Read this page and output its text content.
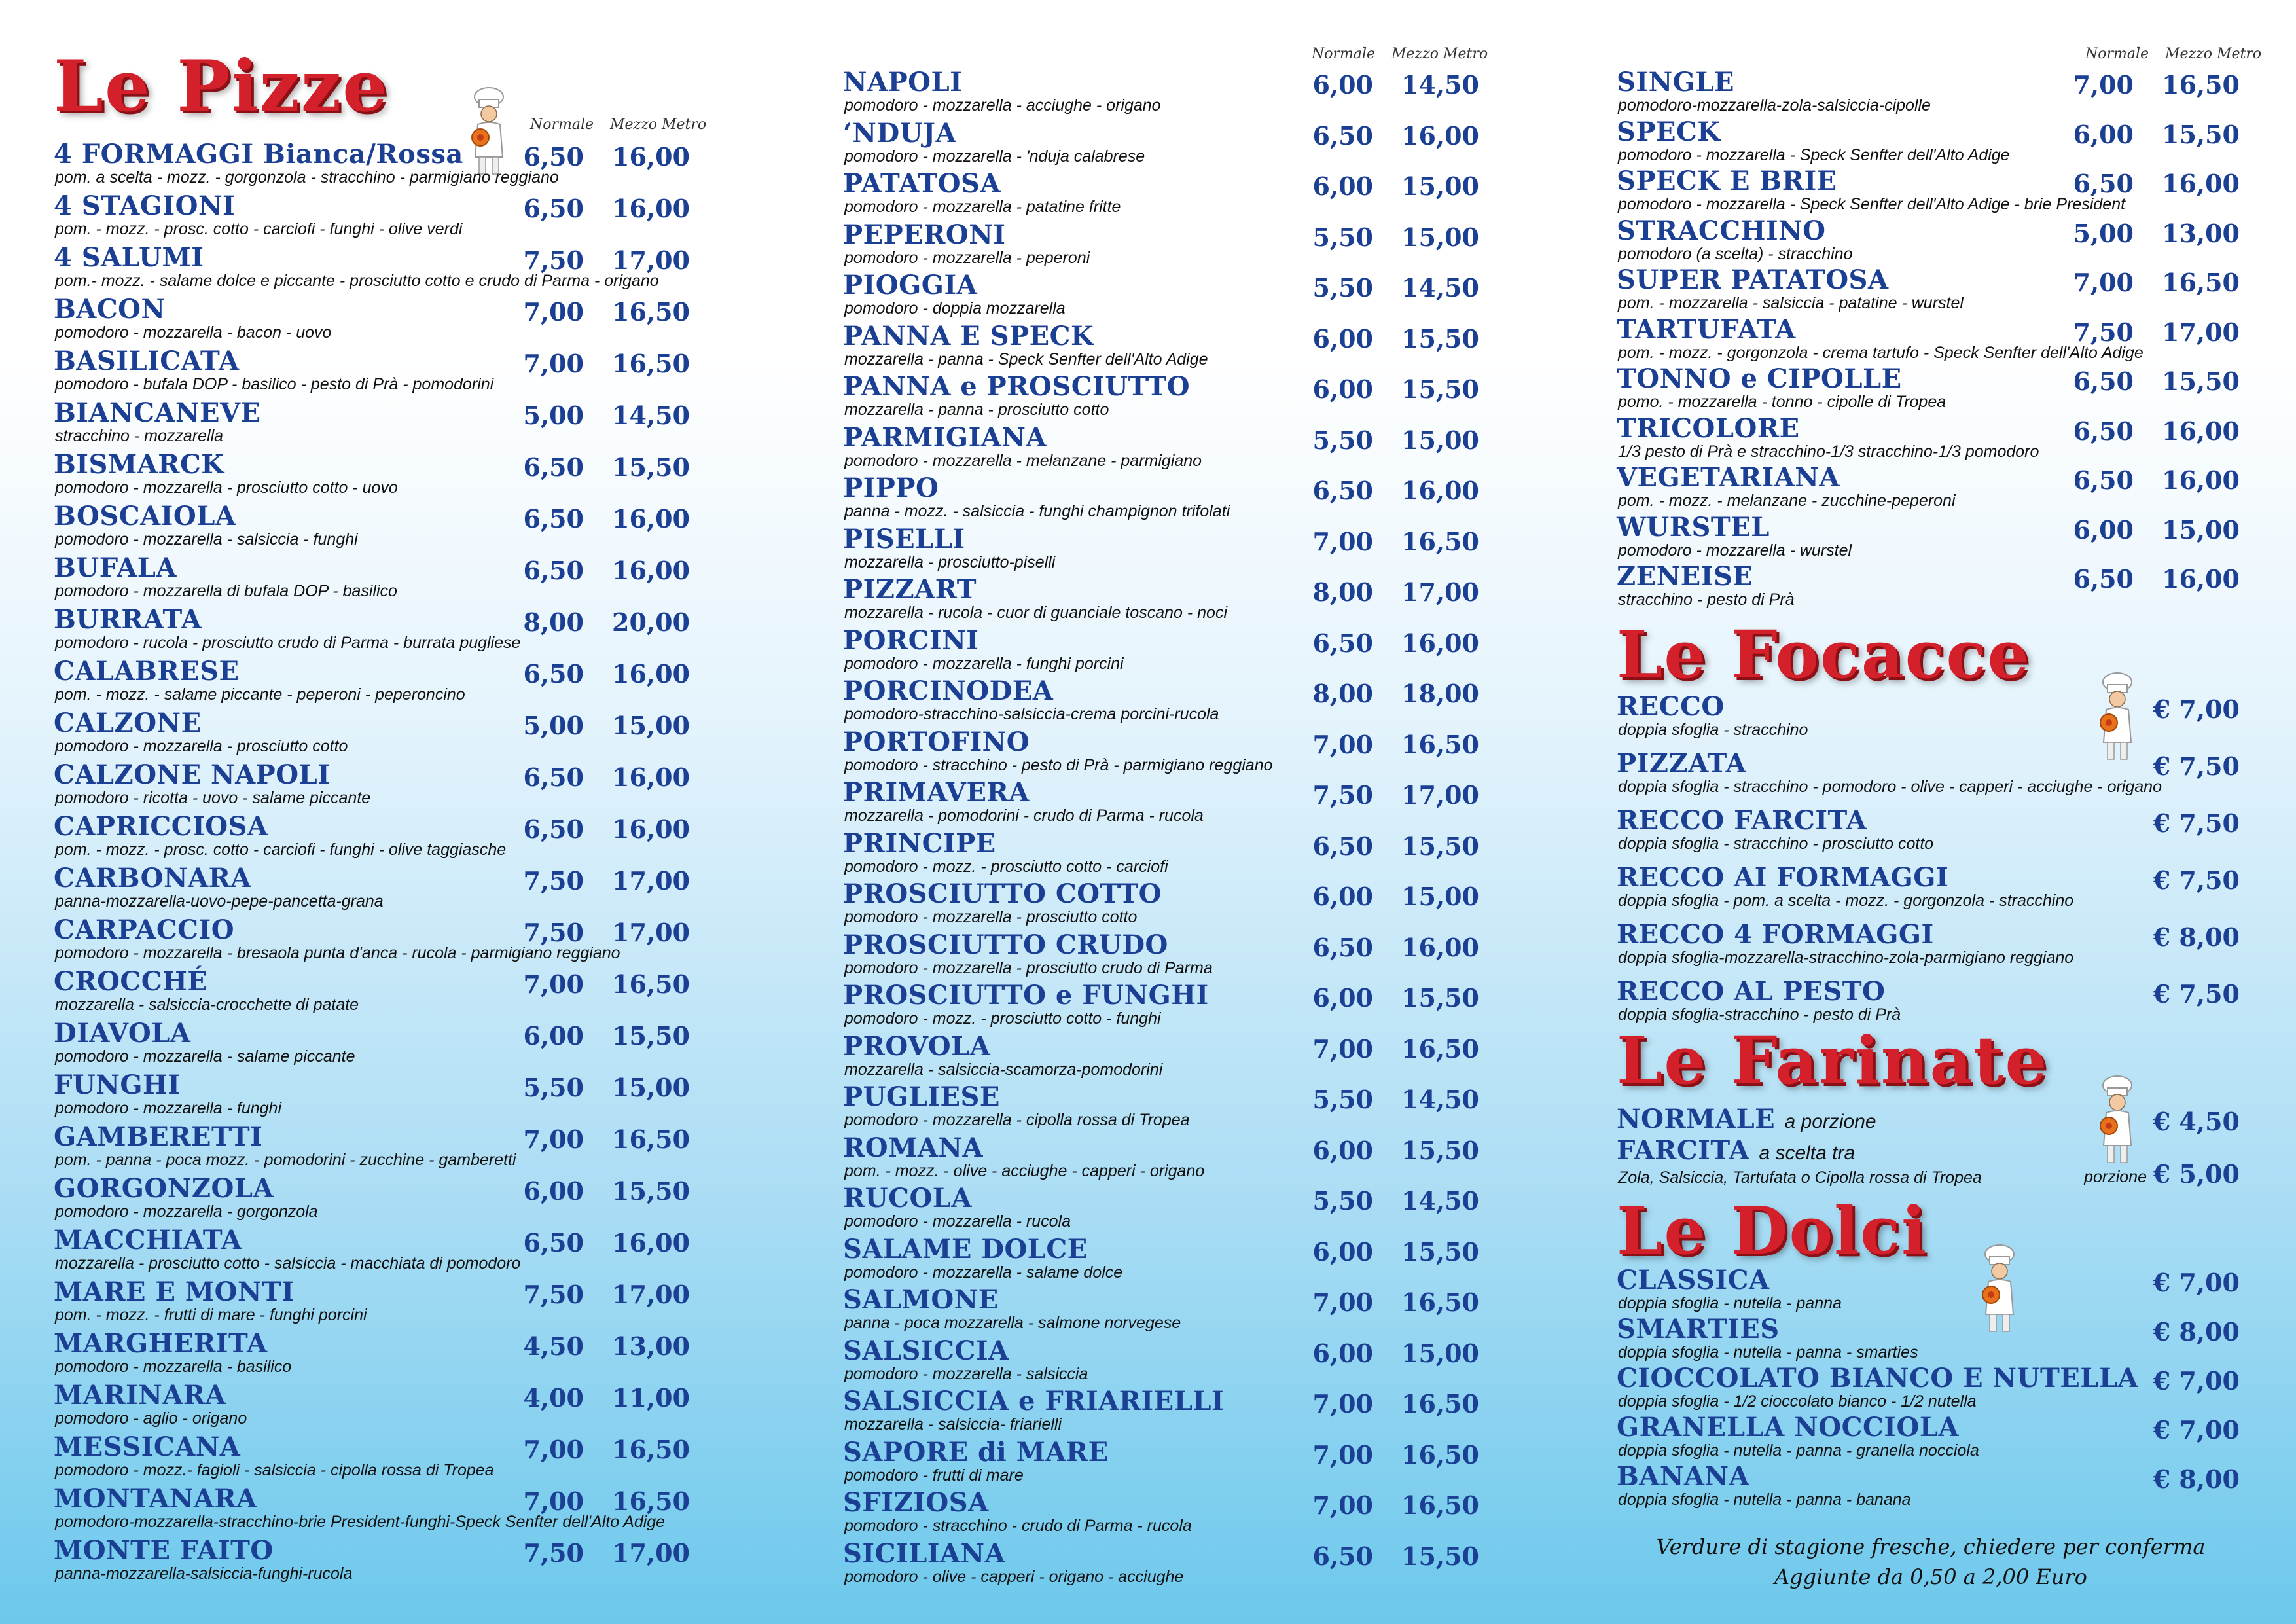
Le Pizze	Normale Mezzo Metro
4 FORMAGGI Bianca/Rossa
pom. a scelta - mozz. - gorgonzola - stracchino - parmigiano reggiano
6,50 16,00
4 STAGIONI
pom. - mozz. - prosc. cotto - carciofi - funghi - olive verdi
6,50 16,00
4 SALUMI
pom.- mozz. - salame dolce e piccante - prosciutto cotto e crudo di Parma - origano
7,50 17,00
BACON
pomodoro - mozzarella - bacon - uovo
7,00 16,50
BASILICATA
pomodoro - bufala DOP - basilico - pesto di Prà - pomodorini
7,00 16,50
BIANCANEVE
stracchino - mozzarella
5,00 14,50
BISMARCK
pomodoro - mozzarella - prosciutto cotto - uovo
6,50 15,50
BOSCAIOLA
pomodoro - mozzarella - salsiccia - funghi
6,50 16,00
BUFALA
pomodoro - mozzarella di bufala DOP - basilico
6,50 16,00
BURRATA
pomodoro - rucola - prosciutto crudo di Parma - burrata pugliese
8,00 20,00
CALABRESE
pom. - mozz. - salame piccante - peperoni - peperoncino
6,50 16,00
CALZONE
pomodoro - mozzarella - prosciutto cotto
5,00 15,00
CALZONE NAPOLI
pomodoro - ricotta - uovo - salame piccante
6,50 16,00
CAPRICCIOSA
pom. - mozz. - prosc. cotto - carciofi - funghi - olive taggiasche
6,50 16,00
CARBONARA
panna-mozzarella-uovo-pepe-pancetta-grana
7,50 17,00
CARPACCIO
pomodoro - mozzarella - bresaola punta d'anca - rucola - parmigiano reggiano
7,50 17,00
CROCCHÉ
mozzarella - salsiccia-crocchette di patate
7,00 16,50
DIAVOLA
pomodoro - mozzarella - salame piccante
6,00 15,50
FUNGHI
pomodoro - mozzarella - funghi
5,50 15,00
GAMBERETTI
pom. - panna - poca mozz. - pomodorini - zucchine - gamberetti
7,00 16,50
GORGONZOLA
pomodoro - mozzarella - gorgonzola
6,00 15,50
MACCHIATA
mozzarella - prosciutto cotto - salsiccia - macchiata di pomodoro
6,50 16,00
MARE E MONTI
pom. - mozz. - frutti di mare - funghi porcini
7,50 17,00
MARGHERITA
pomodoro - mozzarella - basilico
4,50 13,00
MARINARA
pomodoro - aglio - origano
4,00 11,00
MESSICANA
pomodoro - mozz.- fagioli - salsiccia - cipolla rossa di Tropea
7,00 16,50
MONTANARA
pomodoro-mozzarella-stracchino-brie President-funghi-Speck Senfter dell'Alto Adige
7,00 16,50
MONTE FAITO
panna-mozzarella-salsiccia-funghi-rucola
7,50 17,00
Normale Mezzo Metro
NAPOLI
pomodoro - mozzarella - acciughe - origano
6,00 14,50
‘NDUJA
pomodoro - mozzarella - 'nduja calabrese
6,50 16,00
PATATOSA
pomodoro - mozzarella - patatine fritte
6,00 15,00
PEPERONI
pomodoro - mozzarella - peperoni
5,50 15,00
PIOGGIA
pomodoro - doppia mozzarella
5,50 14,50
PANNA E SPECK
mozzarella - panna - Speck Senfter dell'Alto Adige
6,00 15,50
PANNA e PROSCIUTTO
mozzarella - panna - prosciutto cotto
6,00 15,50
PARMIGIANA
pomodoro - mozzarella - melanzane - parmigiano
5,50 15,00
PIPPO
panna - mozz. - salsiccia - funghi champignon trifolati
6,50 16,00
PISELLI
mozzarella - prosciutto-piselli
7,00 16,50
PIZZART
mozzarella - rucola - cuor di guanciale toscano - noci
8,00 17,00
PORCINI
pomodoro - mozzarella - funghi porcini
6,50 16,00
PORCINODEA
pomodoro-stracchino-salsiccia-crema porcini-rucola
8,00 18,00
PORTOFINO
pomodoro - stracchino - pesto di Prà - parmigiano reggiano
7,00 16,50
PRIMAVERA
mozzarella - pomodorini - crudo di Parma - rucola
7,50 17,00
PRINCIPE
pomodoro - mozz. - prosciutto cotto - carciofi
6,50 15,50
PROSCIUTTO COTTO
pomodoro - mozzarella - prosciutto cotto
6,00 15,00
PROSCIUTTO CRUDO
pomodoro - mozzarella - prosciutto crudo di Parma
6,50 16,00
PROSCIUTTO e FUNGHI
pomodoro - mozz. - prosciutto cotto - funghi
6,00 15,50
PROVOLA
mozzarella - salsiccia-scamorza-pomodorini
7,00 16,50
PUGLIESE
pomodoro - mozzarella - cipolla rossa di Tropea
5,50 14,50
ROMANA
pom. - mozz. - olive - acciughe - capperi - origano
6,00 15,50
RUCOLA
pomodoro - mozzarella - rucola
5,50 14,50
SALAME DOLCE
pomodoro - mozzarella - salame dolce
6,00 15,50
SALMONE
panna - poca mozzarella - salmone norvegese
7,00 16,50
SALSICCIA
pomodoro - mozzarella - salsiccia
6,00 15,00
SALSICCIA e FRIARIELLI
mozzarella - salsiccia- friarielli
7,00 16,50
SAPORE di MARE
pomodoro - frutti di mare
7,00 16,50
SFIZIOSA
pomodoro - stracchino - crudo di Parma - rucola
7,00 16,50
SICILIANA
pomodoro - olive - capperi - origano - acciughe
6,50 15,50
Normale Mezzo Metro
SINGLE
pomodoro-mozzarella-zola-salsiccia-cipolle
7,00 16,50
SPECK
pomodoro - mozzarella - Speck Senfter dell'Alto Adige
6,00 15,50
SPECK E BRIE
pomodoro - mozzarella - Speck Senfter dell'Alto Adige - brie President
6,50 16,00
STRACCHINO
pomodoro (a scelta) - stracchino
5,00 13,00
SUPER PATATOSA
pom. - mozzarella - salsiccia - patatine - wurstel
7,00 16,50
TARTUFATA
pom. - mozz. - gorgonzola - crema tartufo - Speck Senfter dell'Alto Adige
7,50 17,00
TONNO e CIPOLLE
pomo. - mozzarella - tonno - cipolle di Tropea
6,50 15,50
TRICOLORE
1/3 pesto di Prà e stracchino-1/3 stracchino-1/3 pomodoro
6,50 16,00
VEGETARIANA
pom. - mozz. - melanzane - zucchine-peperoni
6,50 16,00
WURSTEL
pomodoro - mozzarella - wurstel
6,00 15,00
ZENEISE
stracchino - pesto di Prà
6,50 16,00
Le Focacce
RECCO
doppia sfoglia - stracchino
€ 7,00
PIZZATA
doppia sfoglia - stracchino - pomodoro - olive - capperi - acciughe - origano
€ 7,50
RECCO FARCITA
doppia sfoglia - stracchino - prosciutto cotto
€ 7,50
RECCO AI FORMAGGI
doppia sfoglia - pom. a scelta - mozz. - gorgonzola - stracchino
€ 7,50
RECCO 4 FORMAGGI
doppia sfoglia-mozzarella-stracchino-zola-parmigiano reggiano
€ 8,00
RECCO AL PESTO
doppia sfoglia-stracchino - pesto di Prà
€ 7,50
Le Farinate
NORMALE a porzione	€ 4,50
FARCITA a scelta tra
Zola, Salsiccia, Tartufata o Cipolla rossa di Tropea	porzione € 5,00
Le Dolci
CLASSICA
doppia sfoglia - nutella - panna
€ 7,00
SMARTIES
doppia sfoglia - nutella - panna - smarties
€ 8,00
CIOCCOLATO BIANCO E NUTELLA
doppia sfoglia - 1/2 cioccolato bianco - 1/2 nutella
€ 7,00
GRANELLA NOCCIOLA
doppia sfoglia - nutella - panna - granella nocciola
€ 7,00
BANANA
doppia sfoglia - nutella - panna - banana
€ 8,00
Verdure di stagione fresche, chiedere per conferma
Aggiunte da 0,50 a 2,00 Euro
